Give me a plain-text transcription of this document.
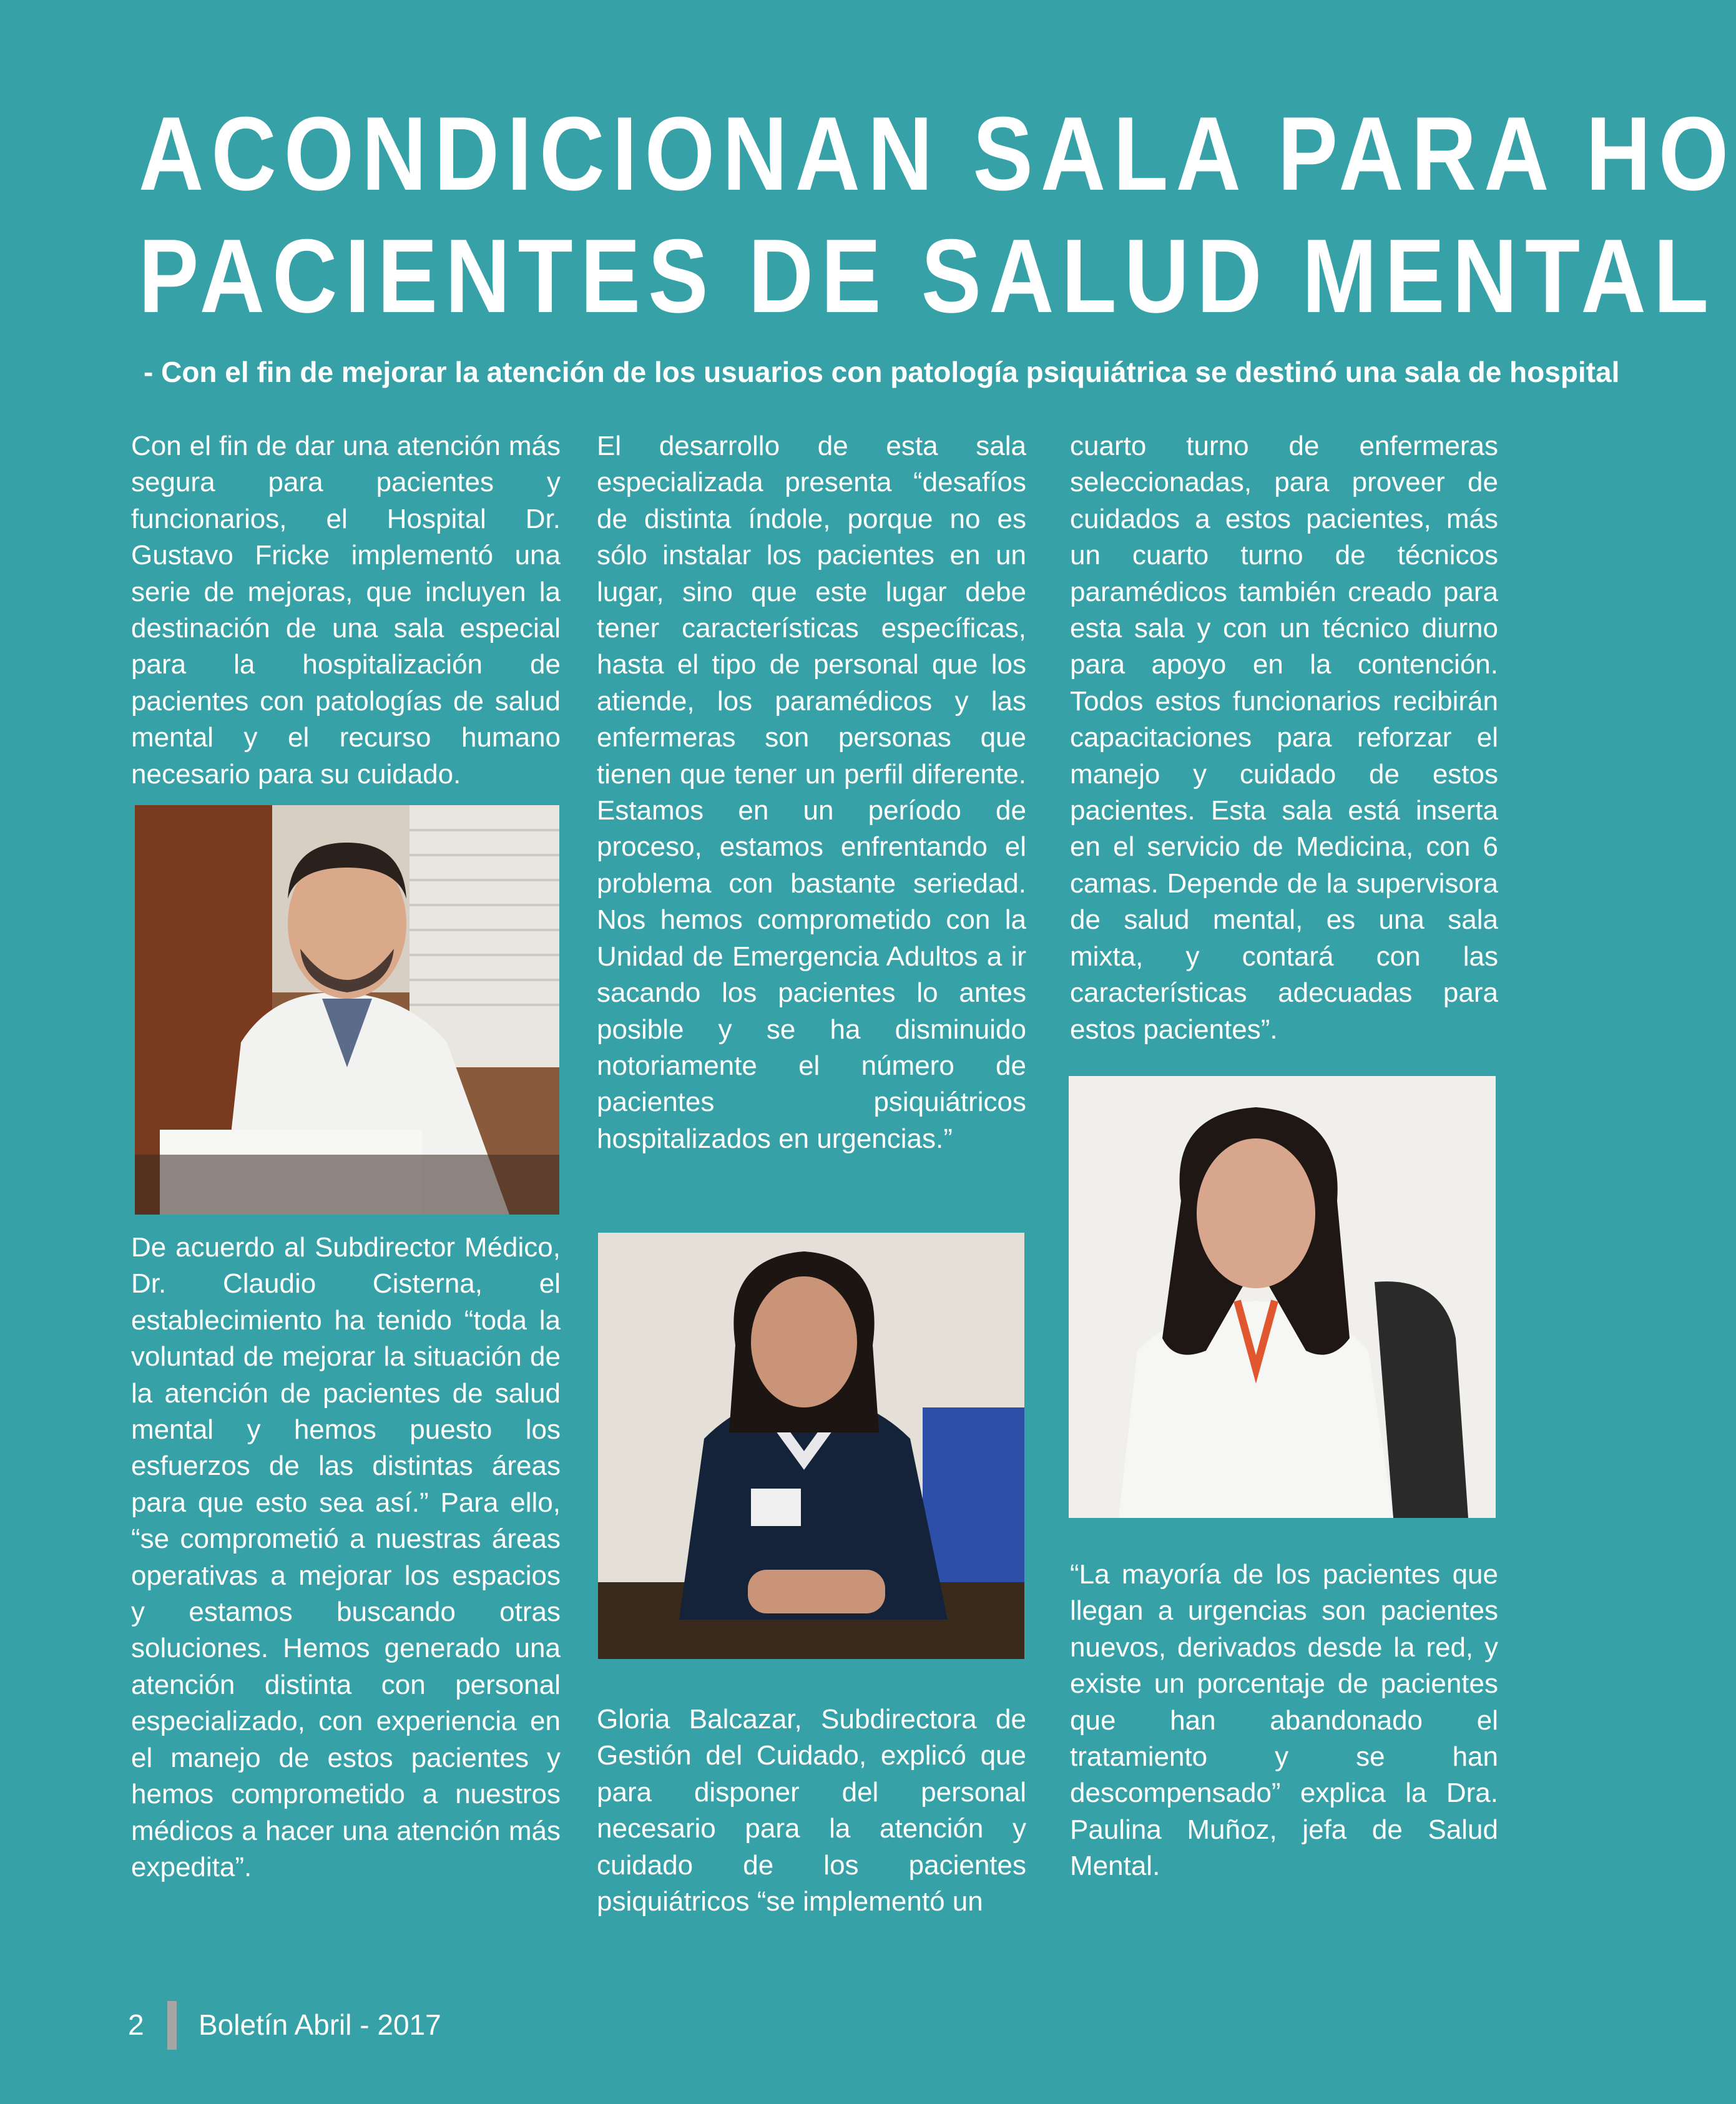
ACONDICIONAN SALA PARA HO
PACIENTES DE SALUD MENTAL
- Con el fin de mejorar la atención de los usuarios con patología psiquiátrica se destinó una sala de hospital

Con el fin de dar una atención más segura para pacientes y funcionarios, el Hospital Dr. Gustavo Fricke implementó una serie de mejoras, que incluyen la destinación de una sala especial para la hospitalización de pacientes con patologías de salud mental y el recurso humano necesario para su cuidado.

De acuerdo al Subdirector Médico, Dr. Claudio Cisterna, el establecimiento ha tenido “toda la voluntad de mejorar la situación de la atención de pacientes de salud mental y hemos puesto los esfuerzos de las distintas áreas para que esto sea así.” Para ello, “se comprometió a nuestras áreas operativas a mejorar los espacios y estamos buscando otras soluciones. Hemos generado una atención distinta con personal especializado, con experiencia en el manejo de estos pacientes y hemos comprometido a nuestros médicos a hacer una atención más expedita”.

El desarrollo de esta sala especializada presenta “desafíos de distinta índole, porque no es sólo instalar los pacientes en un lugar, sino que este lugar debe tener características específicas, hasta el tipo de personal que los atiende, los paramédicos y las enfermeras son personas que tienen que tener un perfil diferente. Estamos en un período de proceso, estamos enfrentando el problema con bastante seriedad. Nos hemos comprometido con la Unidad de Emergencia Adultos a ir sacando los pacientes lo antes posible y se ha disminuido notoriamente el número de pacientes psiquiátricos hospitalizados en urgencias.”

Gloria Balcazar, Subdirectora de Gestión del Cuidado, explicó que para disponer del personal necesario para la atención y cuidado de los pacientes psiquiátricos “se implementó un

cuarto turno de enfermeras seleccionadas, para proveer de cuidados a estos pacientes, más un cuarto turno de técnicos paramédicos también creado para esta sala y con un técnico diurno para apoyo en la contención. Todos estos funcionarios recibirán capacitaciones para reforzar el manejo y cuidado de estos pacientes. Esta sala está inserta en el servicio de Medicina, con 6 camas. Depende de la supervisora de salud mental, es una sala mixta, y contará con las características adecuadas para estos pacientes”.

“La mayoría de los pacientes que llegan a urgencias son pacientes nuevos, derivados desde la red, y existe un porcentaje de pacientes que han abandonado el tratamiento y se han descompensado” explica la Dra. Paulina Muñoz, jefa de Salud Mental.

2 Boletín Abril - 2017
